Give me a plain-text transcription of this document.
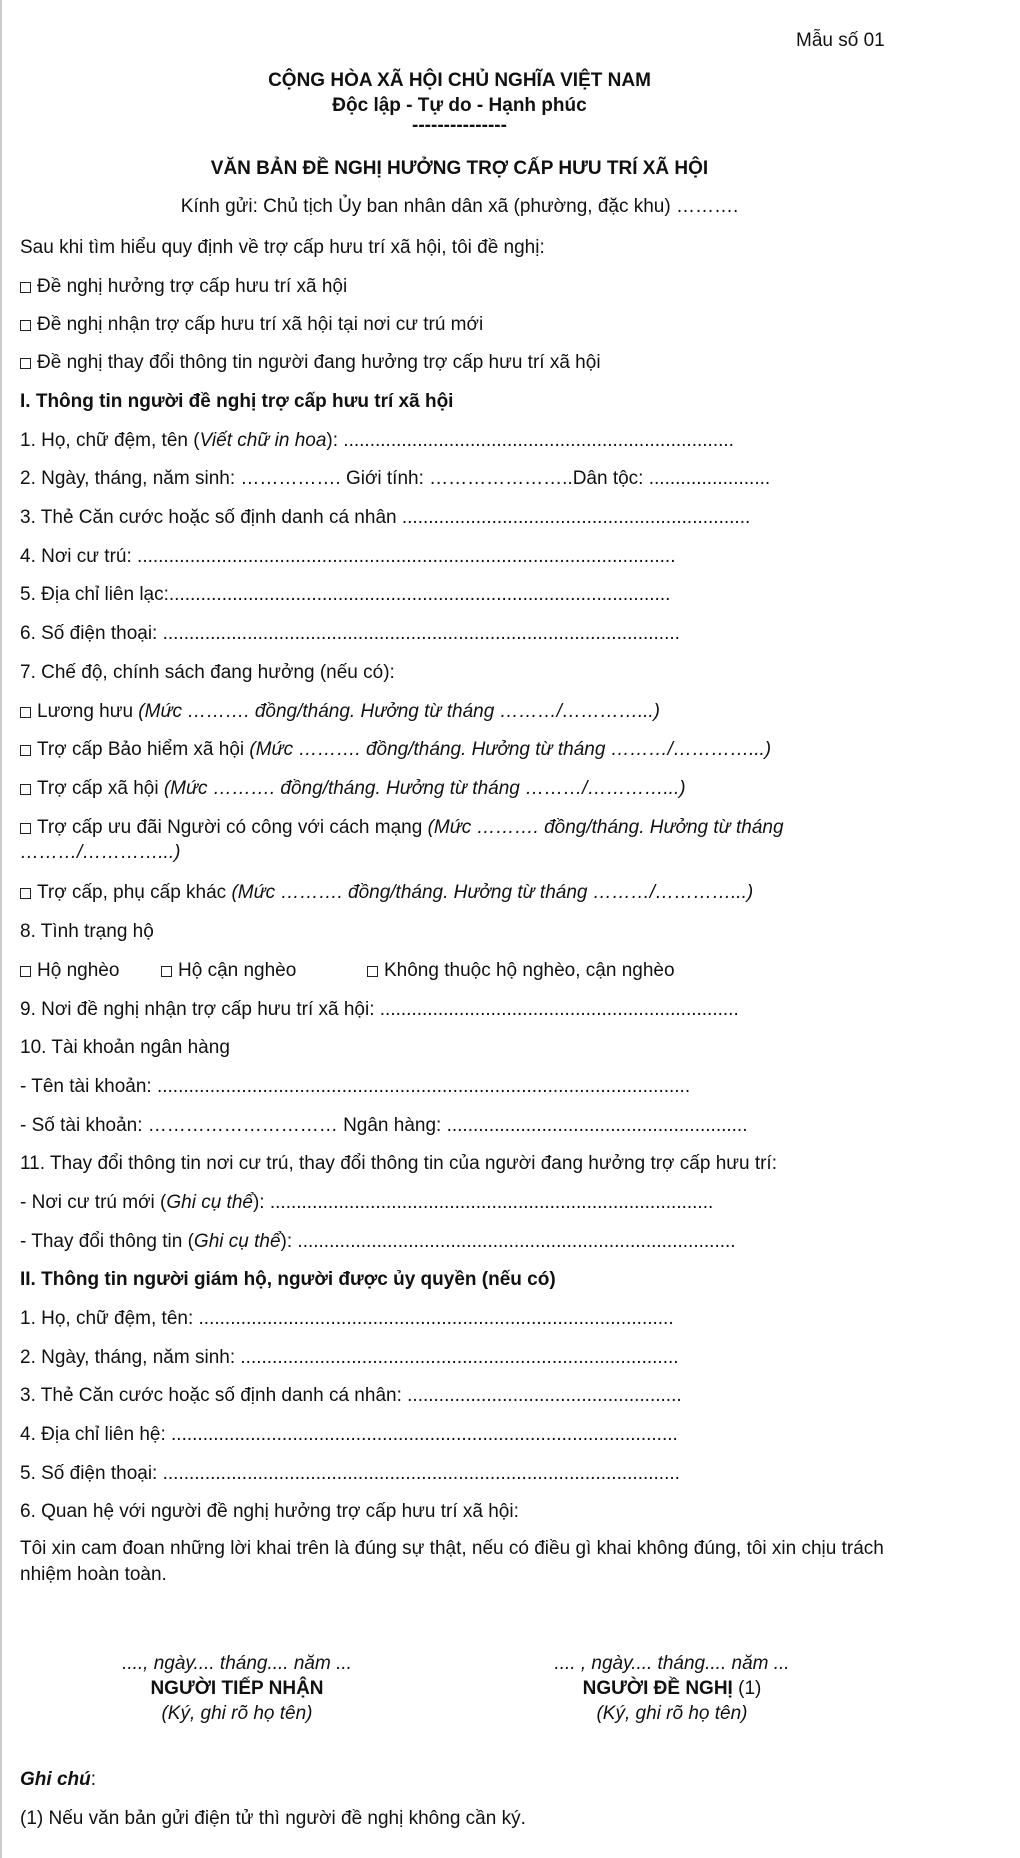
Mẫu số 01
CỘNG HÒA XÃ HỘI CHỦ NGHĨA VIỆT NAM
Độc lập - Tự do - Hạnh phúc
---------------
VĂN BẢN ĐỀ NGHỊ HƯỞNG TRỢ CẤP HƯU TRÍ XÃ HỘI
Kính gửi: Chủ tịch Ủy ban nhân dân xã (phường, đặc khu) ……….
Sau khi tìm hiểu quy định về trợ cấp hưu trí xã hội, tôi đề nghị:
Đề nghị hưởng trợ cấp hưu trí xã hội
Đề nghị nhận trợ cấp hưu trí xã hội tại nơi cư trú mới
Đề nghị thay đổi thông tin người đang hưởng trợ cấp hưu trí xã hội
I. Thông tin người đề nghị trợ cấp hưu trí xã hội
1. Họ, chữ đệm, tên (Viết chữ in hoa): ..........................................................................
2. Ngày, tháng, năm sinh: ……………. Giới tính: …………………..Dân tộc: .......................
3. Thẻ Căn cước hoặc số định danh cá nhân ..................................................................
4. Nơi cư trú: ......................................................................................................
5. Địa chỉ liên lạc:...............................................................................................
6. Số điện thoại: ..................................................................................................
7. Chế độ, chính sách đang hưởng (nếu có):
Lương hưu (Mức ………. đồng/tháng. Hưởng từ tháng ………/…………...)
Trợ cấp Bảo hiểm xã hội (Mức ………. đồng/tháng. Hưởng từ tháng ………/…………...)
Trợ cấp xã hội (Mức ………. đồng/tháng. Hưởng từ tháng ………/…………...)
Trợ cấp ưu đãi Người có công với cách mạng (Mức ………. đồng/tháng. Hưởng từ tháng
………/…………...)
Trợ cấp, phụ cấp khác (Mức ………. đồng/tháng. Hưởng từ tháng ………/…………...)
8. Tình trạng hộ
Hộ nghèo	Hộ cận nghèo	Không thuộc hộ nghèo, cận nghèo
9. Nơi đề nghị nhận trợ cấp hưu trí xã hội: ....................................................................
10. Tài khoản ngân hàng
- Tên tài khoản: .....................................................................................................
- Số tài khoản: ………………………… Ngân hàng: .........................................................
11. Thay đổi thông tin nơi cư trú, thay đổi thông tin của người đang hưởng trợ cấp hưu trí:
- Nơi cư trú mới (Ghi cụ thể): ....................................................................................
- Thay đổi thông tin (Ghi cụ thể): ...................................................................................
II. Thông tin người giám hộ, người được ủy quyền (nếu có)
1. Họ, chữ đệm, tên: ..........................................................................................
2. Ngày, tháng, năm sinh: ...................................................................................
3. Thẻ Căn cước hoặc số định danh cá nhân: ....................................................
4. Địa chỉ liên hệ: ................................................................................................
5. Số điện thoại: ..................................................................................................
6. Quan hệ với người đề nghị hưởng trợ cấp hưu trí xã hội:
Tôi xin cam đoan những lời khai trên là đúng sự thật, nếu có điều gì khai không đúng, tôi xin chịu trách nhiệm hoàn toàn.
...., ngày.... tháng.... năm ...
NGƯỜI TIẾP NHẬN
(Ký, ghi rõ họ tên)
.... , ngày.... tháng.... năm ...
NGƯỜI ĐỀ NGHỊ (1)
(Ký, ghi rõ họ tên)
Ghi chú:
(1) Nếu văn bản gửi điện tử thì người đề nghị không cần ký.
